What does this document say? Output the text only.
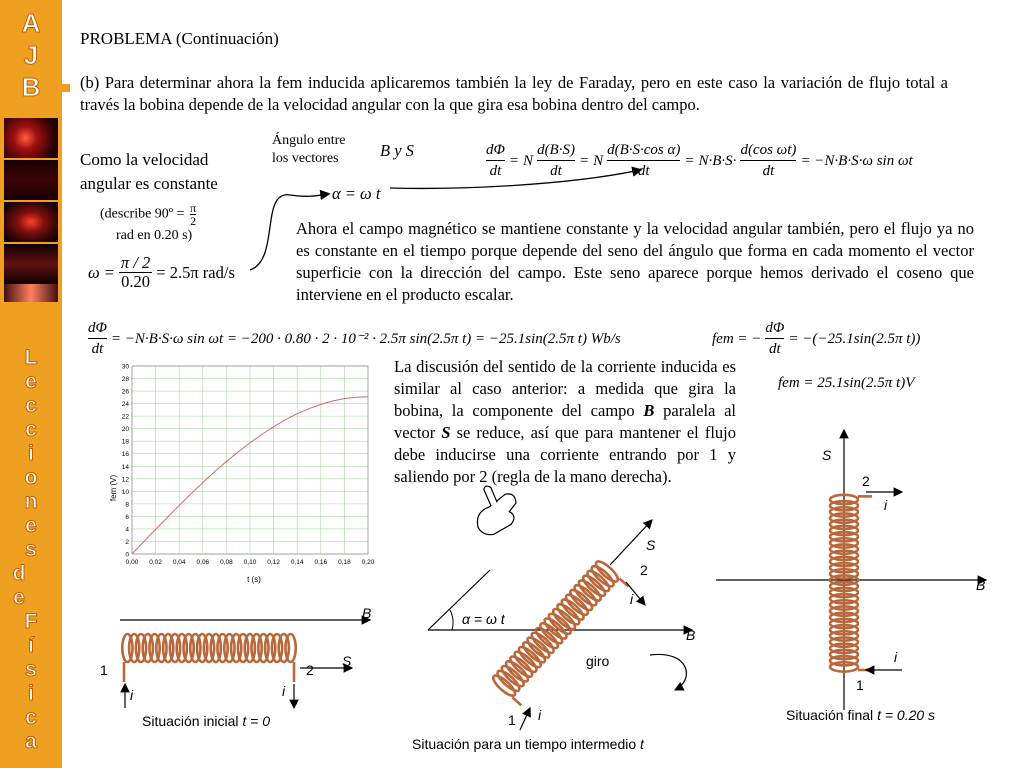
A
J
B
L
e
c
c
i
o
n
e
s
d
e
F
í
s
i
c
a
PROBLEMA (Continuación)
(b) Para determinar ahora la fem inducida aplicaremos también la ley de Faraday, pero en este caso la variación de flujo total a través la bobina depende de la velocidad angular con la que gira esa bobina dentro del campo.
Como la velocidad angular es constante
(describe 90º = $\frac{\pi}{2}$
rad en 0.20 s)
$\omega = \frac{\pi / 2}{0.20} = 2.5\pi$ rad/s
Ángulo entre
los vectores	B y S
α = ω t
$\frac{d\Phi}{dt} = N \frac{d(B\cdot S)}{dt} = N \frac{\text{d(B·S·cos α)}}{dt} = N\cdot B\cdot S\cdot \frac{\text{d(cos ωt)}}{dt} = -N\cdot B\cdot S\cdot\omega$ sin ωt
Ahora el campo magnético se mantiene constante y la velocidad angular también, pero el flujo ya no es constante en el tiempo porque depende del seno del ángulo que forma en cada momento el vector superficie con la dirección del campo. Este seno aparece porque hemos derivado el coseno que interviene en el producto escalar.
$\frac{d\Phi}{dt} = -N\cdot B\cdot S\cdot\omega$ sin ωt = −200 · 0.80 · 2 · 10⁻² · 2.5π sin(2.5π t) = −25.1sin(2.5π t) Wb/s	fem = − $\frac{d\Phi}{dt} = -(-25.1\sin(2.5\pi$ t))
fem = 25.1sin(2.5π t)V
La discusión del sentido de la corriente inducida es similar al caso anterior: a medida que gira la bobina, la componente del campo B paralela al vector S se reduce, así que para mantener el flujo debe inducirse una corriente entrando por 1 y saliendo por 2 (regla de la mano derecha).
0,00 0,02 0,04 0,06 0,08 0,10 0,12 0,14 0,16 0,18 0,20
0
2
4
6
8
10
12
14
16
18
20
22
24
26
28
30
fem (V)
t (s)
B
S
1	2
i	i
Situación inicial t = 0
B
α = ω t
S
2
i
1 i
giro
Situación para un tiempo intermedio t
B
S
2
i
1
i
Situación final t = 0.20 s
